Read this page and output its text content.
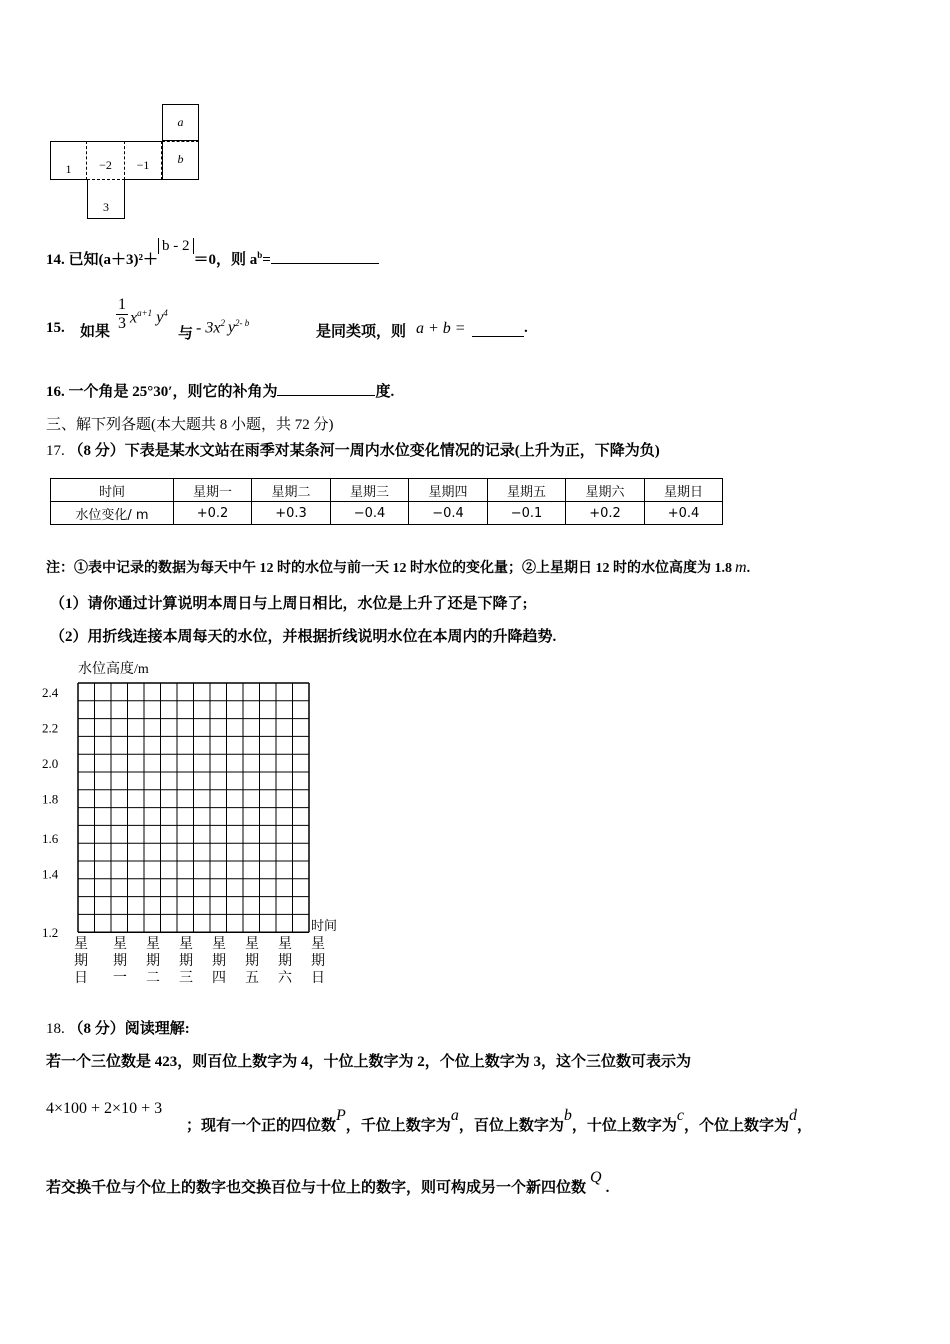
a
b
1	−2	−1
3
14. 已知(a＋3)²＋b - 2＝0，则 $a^b=$
15. 如果 $\frac{1}{3} x^{a+1}$ $y^4$
与 - $3x^2$ $y^{2- b}$
是同类项，则 a + b =	.
16. 一个角是 25°30′，则它的补角为	度.
三、解下列各题(本大题共 8 小题，共 72 分)
17. （8 分）下表是某水文站在雨季对某条河一周内水位变化情况的记录(上升为正，下降为负)
时间	星期一	星期二	星期三	星期四	星期五	星期六	星期日
水位变化/ m	+0.2	+0.3	−0.4	−0.4	−0.1	+0.2	+0.4
注：①表中记录的数据为每天中午 12 时的水位与前一天 12 时水位的变化量；②上星期日 12 时的水位高度为 1.8 m.
（1）请你通过计算说明本周日与上周日相比，水位是上升了还是下降了;
（2）用折线连接本周每天的水位，并根据折线说明水位在本周内的升降趋势.
水位高度/m
时间
2.4
2.2
2.0
1.8
1.6
1.4
1.2
星
期
日
星
期
一
星
期
二
星
期
三
星
期
四
星
期
五
星
期
六
星
期
日
18. （8 分）阅读理解:
若一个三位数是 423，则百位上数字为 4，十位上数字为 2，个位上数字为 3，这个三位数可表示为
4×100 + 2×10 + 3
；现有一个正的四位数P，千位上数字为a，百位上数字为b，十位上数字为c，个位上数字为d，
若交换千位与个位上的数字也交换百位与十位上的数字，则可构成另一个新四位数Q.
